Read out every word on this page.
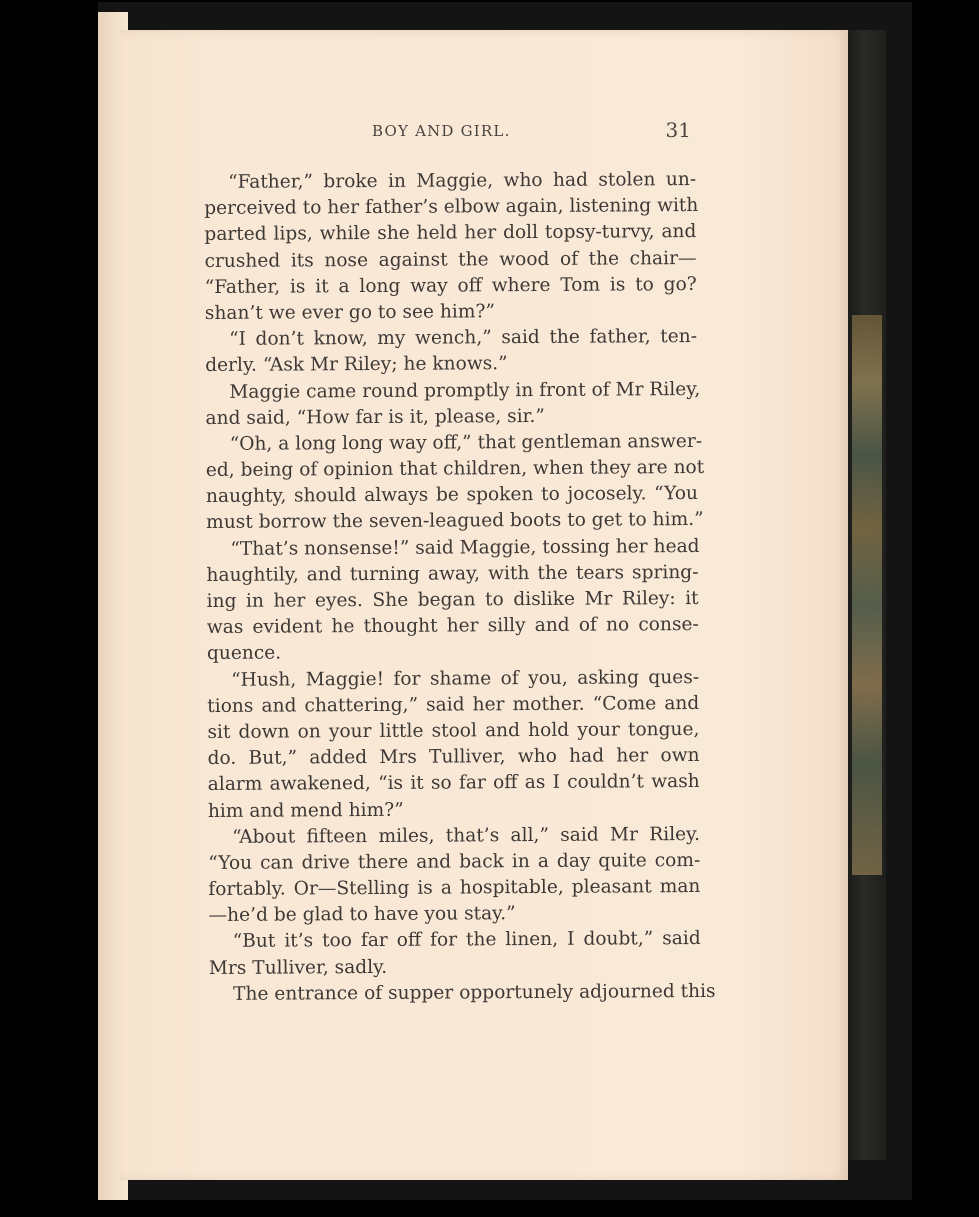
BOY AND GIRL.	31
“Father,” broke in Maggie, who had stolen un-
perceived to her father’s elbow again, listening with
parted lips, while she held her doll topsy-turvy, and
crushed its nose against the wood of the chair—
“Father, is it a long way off where Tom is to go?
shan’t we ever go to see him?”
“I don’t know, my wench,” said the father, ten-
derly. “Ask Mr Riley; he knows.”
Maggie came round promptly in front of Mr Riley,
and said, “How far is it, please, sir.”
“Oh, a long long way off,” that gentleman answer-
ed, being of opinion that children, when they are not
naughty, should always be spoken to jocosely. “You
must borrow the seven-leagued boots to get to him.”
“That’s nonsense!” said Maggie, tossing her head
haughtily, and turning away, with the tears spring-
ing in her eyes. She began to dislike Mr Riley: it
was evident he thought her silly and of no conse-
quence.
“Hush, Maggie! for shame of you, asking ques-
tions and chattering,” said her mother. “Come and
sit down on your little stool and hold your tongue,
do. But,” added Mrs Tulliver, who had her own
alarm awakened, “is it so far off as I couldn’t wash
him and mend him?”
“About fifteen miles, that’s all,” said Mr Riley.
“You can drive there and back in a day quite com-
fortably. Or—Stelling is a hospitable, pleasant man
—he’d be glad to have you stay.”
“But it’s too far off for the linen, I doubt,” said
Mrs Tulliver, sadly.
The entrance of supper opportunely adjourned this
